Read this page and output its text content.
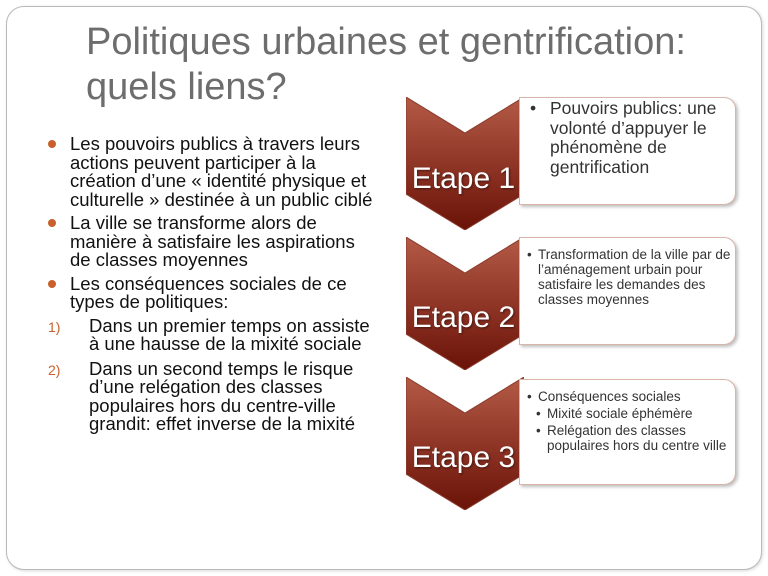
Politiques urbaines et gentrification:
quels liens?
Les pouvoirs publics à travers leurs actions peuvent participer à la création d’une « identité physique et culturelle » destinée à un public ciblé
La ville se transforme alors de manière à satisfaire les aspirations de classes moyennes
Les conséquences sociales de ce types de politiques:
1) Dans un premier temps on assiste à une hausse de la mixité sociale
2) Dans un second temps le risque d’une relégation des classes populaires hors du centre-ville grandit: effet inverse de la mixité
Etape 1
Etape 2
Etape 3
• Pouvoirs publics: une volonté d’appuyer le phénomène de gentrification
• Transformation de la ville par de l’aménagement urbain pour satisfaire les demandes des classes moyennes
• Conséquences sociales
• Mixité sociale éphémère
• Relégation des classes populaires hors du centre ville
